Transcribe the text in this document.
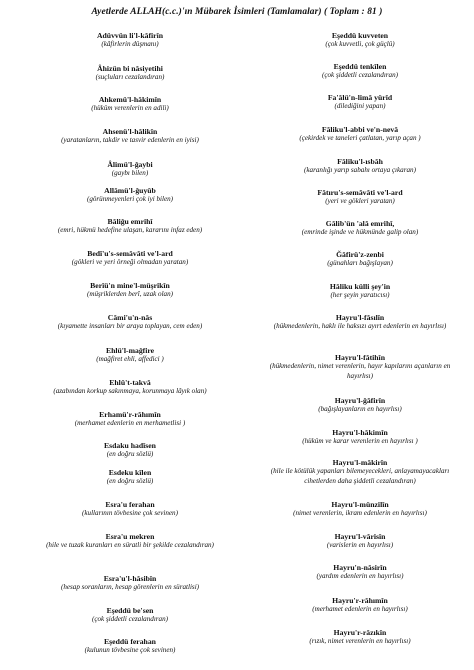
Ayetlerde ALLAH(c.c.)'ın Mübarek İsimleri (Tamlamalar) ( Toplam : 81 )
Adüvvün li'l-kâfirîn
(kâfirlerin düşmanı)
Âhizün bi nâsiyetihi
(suçluları cezalandıran)
Ahkemü'l-hâkimîn
(hüküm verenlerin en adili)
Ahsenü'l-hâlikîn
(yaratanların, takdir ve tasvir edenlerin en iyisi)
Âlimü'l-ğaybi
(gaybı bilen)
Allâmü'l-ğuyûb
(görünmeyenleri çok iyi bilen)
Bâliğu emrihî
(emri, hükmü hedefine ulaşan, kararını infaz eden)
Bedî'u's-semâvâti ve'l-ard
(gökleri ve yeri örneği olmadan yaratan)
Berîü'n mine'l-müşrikîn
(müşriklerden berî, uzak olan)
Câmi'u'n-nâs
(kıyamette insanları bir araya toplayan, cem eden)
Ehlü'l-mağfire
(mağfiret ehli, affedici )
Ehlü't-takvâ
(azabından korkup sakınmaya, korunmaya lâyık olan)
Erhamü'r-râhımîn
(merhamet edenlerin en merhametlisi )
Esdaku hadîsen
(en doğru sözlü)
Esdeku kîlen
(en doğru sözlü)
Esra'u ferahan
(kullarının tövbesine çok sevinen)
Esra'u mekren
(hile ve tuzak kuranları en süratli bir şekilde cezalandıran)
Esra'u'l-hâsibîn
(hesap soranların, hesap görenlerin en süratlisi)
Eşeddü be'sen
(çok şiddetli cezalandıran)
Eşeddü ferahan
(kulunun tövbesine çok sevinen)
Eşeddü kuvveten
(çok kuvvetli, çok güçlü)
Eşeddü tenkîlen
(çok şiddetli cezalandıran)
Fa'âlü'n-limâ yürîd
(dilediğini yapan)
Fâliku'l-abbi ve'n-nevâ
(çekirdek ve taneleri çatlatan, yarıp açan )
Fâliku'l-ısbâh
(karanlığı yarıp sabahı ortaya çıkaran)
Fâtıru's-semâvâti ve'l-ard
(yeri ve gökleri yaratan)
Gâlib'ün 'alâ emrihî,
(emrinde işinde ve hükmünde galip olan)
Ğâfirü'z-zenbi
(günahları bağışlayan)
Hâliku külli şey'in
(her şeyin yaratıcısı)
Hayru'l-fâsılîn
(hükmedenlerin, haklı ile haksızı ayırt edenlerin en hayırlısı)
Hayru'l-fâtihîn
(hükmedenlerin, nimet verenlerin, hayır kapılarını açanların en hayırlısı)
Hayru'l-ğâfirîn
(bağışlayanların en hayırlısı)
Hayru'l-hâkimîn
(hüküm ve karar verenlerin en hayırlısı )
Hayru'l-mâkirîn
(hile ile kötülük yapanları bilemeyecekleri, anlayamayacakları cihetlerden daha şiddetli cezalandıran)
Hayru'l-münzilîn
(nimet verenlerin, ikram edenlerin en hayırlısı)
Hayru'l-vârisîn
(varislerin en hayırlısı)
Hayru'n-nâsirîn
(yardım edenlerin en hayırlısı)
Hayru'r-râhımîn
(merhamet edenlerin en hayırlısı)
Hayru'r-râzıkîn
(rızık, nimet verenlerin en hayırlısı)
